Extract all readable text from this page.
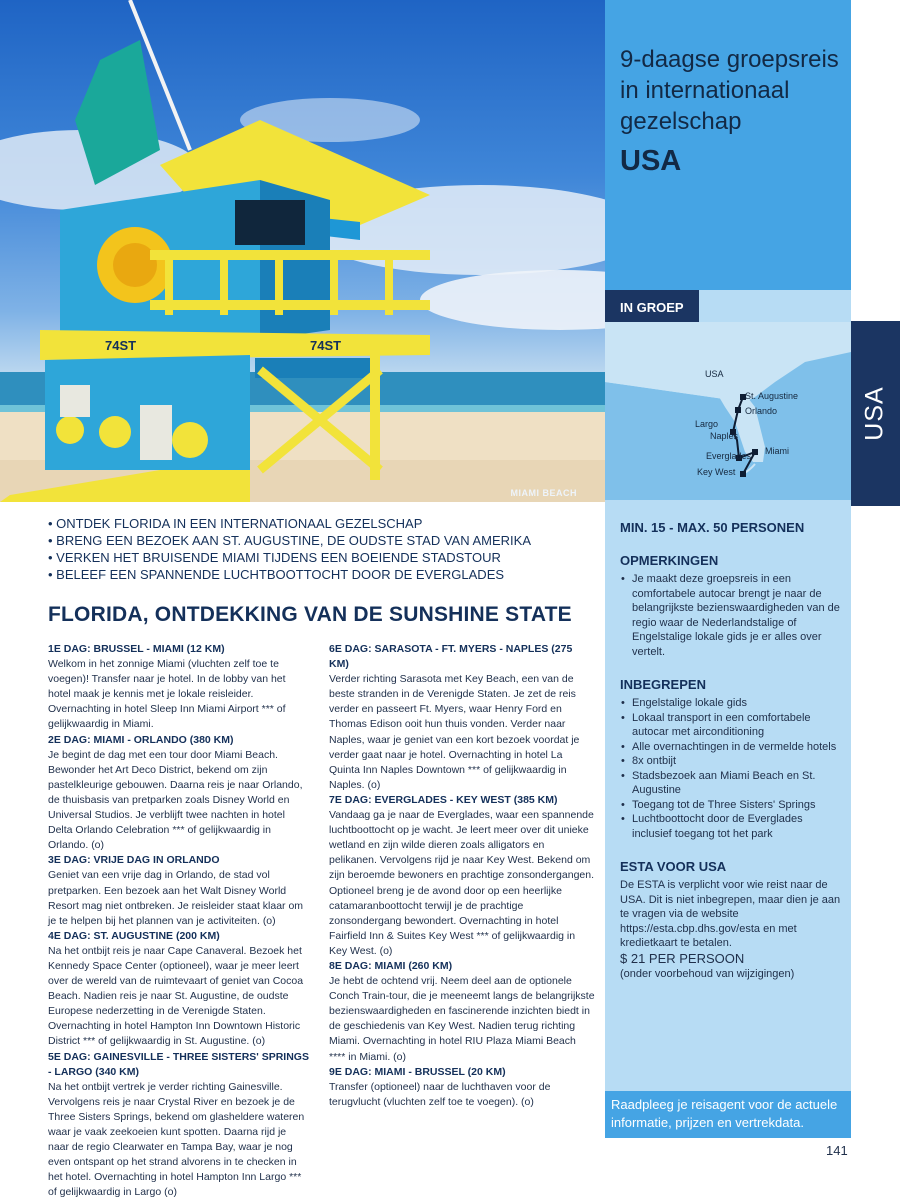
74ST	74ST
MIAMI BEACH
9-daagse groepsreis in internationaal gezelschap
USA
IN GROEP
USA
St. Augustine
Orlando
Largo
Naples
Everglades Miami
Key West
USA
MIN. 15 - MAX. 50 PERSONEN
OPMERKINGEN
• Je maakt deze groepsreis in een comfortabele autocar brengt je naar de belangrijkste bezienswaardigheden van de regio waar de Nederlandstalige of Engelstalige lokale gids je er alles over vertelt.
INBEGREPEN
• Engelstalige lokale gids
• Lokaal transport in een comfortabele autocar met airconditioning
• Alle overnachtingen in de vermelde hotels
• 8x ontbijt
• Stadsbezoek aan Miami Beach en St. Augustine
• Toegang tot de Three Sisters' Springs
• Luchtboottocht door de Everglades inclusief toegang tot het park
ESTA VOOR USA
De ESTA is verplicht voor wie reist naar de USA. Dit is niet inbegrepen, maar dien je aan te vragen via de website https://esta.cbp.dhs.gov/esta en met kredietkaart te betalen.
$ 21 PER PERSOON
(onder voorbehoud van wijzigingen)
Raadpleeg je reisagent voor de actuele informatie, prijzen en vertrekdata.
• ONTDEK FLORIDA IN EEN INTERNATIONAAL GEZELSCHAP
• BRENG EEN BEZOEK AAN ST. AUGUSTINE, DE OUDSTE STAD VAN AMERIKA
• VERKEN HET BRUISENDE MIAMI TIJDENS EEN BOEIENDE STADSTOUR
• BELEEF EEN SPANNENDE LUCHTBOOTTOCHT DOOR DE EVERGLADES
FLORIDA, ONTDEKKING VAN DE SUNSHINE STATE
1E DAG: BRUSSEL - MIAMI (12 KM)
Welkom in het zonnige Miami (vluchten zelf toe te voegen)! Transfer naar je hotel. In de lobby van het hotel maak je kennis met je lokale reisleider. Overnachting in hotel Sleep Inn Miami Airport *** of gelijkwaardig in Miami.
2E DAG: MIAMI - ORLANDO (380 KM)
Je begint de dag met een tour door Miami Beach. Bewonder het Art Deco District, bekend om zijn pastelkleurige gebouwen. Daarna reis je naar Orlando, de thuisbasis van pretparken zoals Disney World en Universal Studios. Je verblijft twee nachten in hotel Delta Orlando Celebration *** of gelijkwaardig in Orlando. (o)
3E DAG: VRIJE DAG IN ORLANDO
Geniet van een vrije dag in Orlando, de stad vol pretparken. Een bezoek aan het Walt Disney World Resort mag niet ontbreken. Je reisleider staat klaar om je te helpen bij het plannen van je activiteiten. (o)
4E DAG: ST. AUGUSTINE (200 KM)
Na het ontbijt reis je naar Cape Canaveral. Bezoek het Kennedy Space Center (optioneel), waar je meer leert over de wereld van de ruimtevaart of geniet van Cocoa Beach. Nadien reis je naar St. Augustine, de oudste Europese nederzetting in de Verenigde Staten. Overnachting in hotel Hampton Inn Downtown Historic District *** of gelijkwaardig in St. Augustine. (o)
5E DAG: GAINESVILLE - THREE SISTERS' SPRINGS - LARGO (340 KM)
Na het ontbijt vertrek je verder richting Gainesville. Vervolgens reis je naar Crystal River en bezoek je de Three Sisters Springs, bekend om glasheldere wateren waar je vaak zeekoeien kunt spotten. Daarna rijd je naar de regio Clearwater en Tampa Bay, waar je nog even ontspant op het strand alvorens in te checken in het hotel. Overnachting in hotel Hampton Inn Largo *** of gelijkwaardig in Largo (o)
6E DAG: SARASOTA - FT. MYERS - NAPLES (275 KM)
Verder richting Sarasota met Key Beach, een van de beste stranden in de Verenigde Staten. Je zet de reis verder en passeert Ft. Myers, waar Henry Ford en Thomas Edison ooit hun thuis vonden. Verder naar Naples, waar je geniet van een kort bezoek voordat je verder gaat naar je hotel. Overnachting in hotel La Quinta Inn Naples Downtown *** of gelijkwaardig in Naples. (o)
7E DAG: EVERGLADES - KEY WEST (385 KM)
Vandaag ga je naar de Everglades, waar een spannende luchtboottocht op je wacht. Je leert meer over dit unieke wetland en zijn wilde dieren zoals alligators en pelikanen. Vervolgens rijd je naar Key West. Bekend om zijn beroemde bewoners en prachtige zonsondergangen. Optioneel breng je de avond door op een heerlijke catamaranboottocht terwijl je de prachtige zonsondergang bewondert. Overnachting in hotel Fairfield Inn & Suites Key West *** of gelijkwaardig in Key West. (o)
8E DAG: MIAMI (260 KM)
Je hebt de ochtend vrij. Neem deel aan de optionele Conch Train-tour, die je meeneemt langs de belangrijkste bezienswaardigheden en fascinerende inzichten biedt in de geschiedenis van Key West. Nadien terug richting Miami. Overnachting in hotel RIU Plaza Miami Beach **** in Miami. (o)
9E DAG: MIAMI - BRUSSEL (20 KM)
Transfer (optioneel) naar de luchthaven voor de terugvlucht (vluchten zelf toe te voegen). (o)
141
